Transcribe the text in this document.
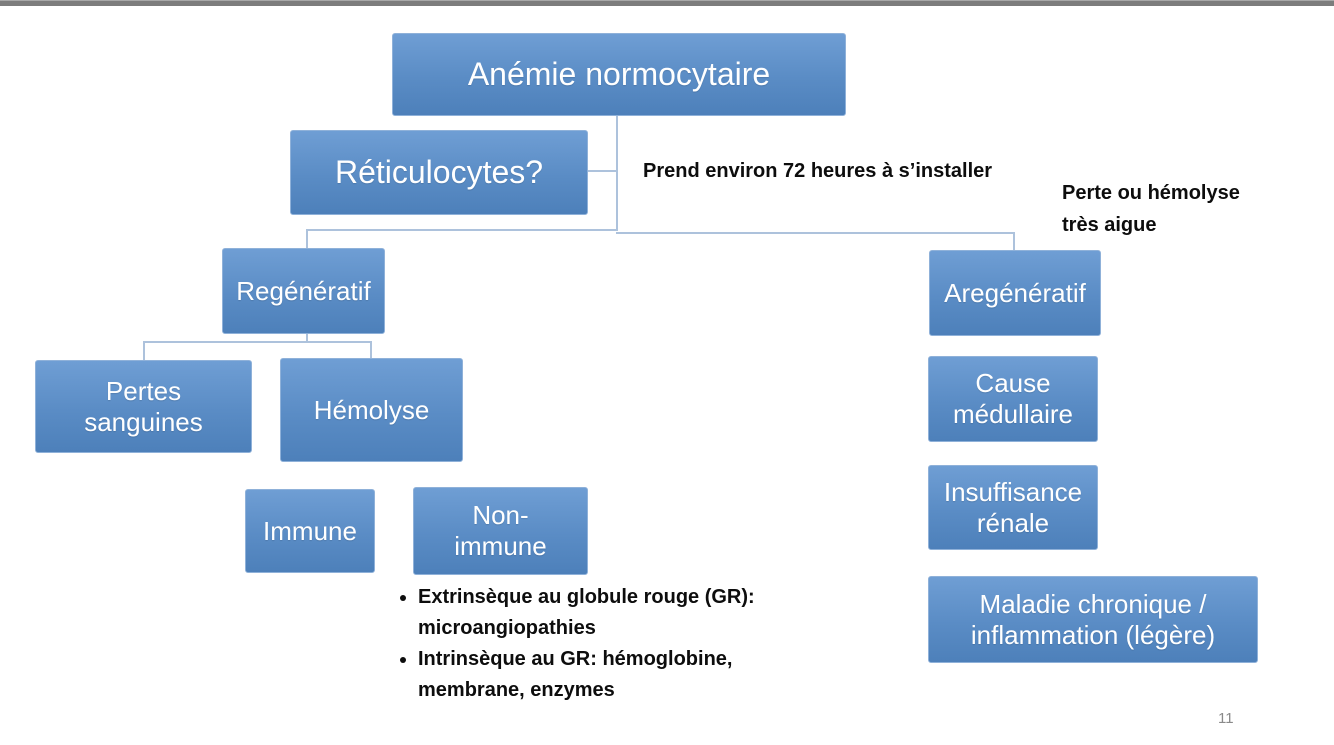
Anémie normocytaire
Réticulocytes?
Regénératif
Pertes sanguines	Hémolyse
Immune
Non-immune
Aregénératif
Cause médullaire
Insuffisance rénale
Maladie chronique / inflammation (légère)
Prend environ 72 heures à s’installer
Perte ou hémolyse très aigue
• Extrinsèque au globule rouge (GR): microangiopathies
• Intrinsèque au GR: hémoglobine, membrane, enzymes
11
